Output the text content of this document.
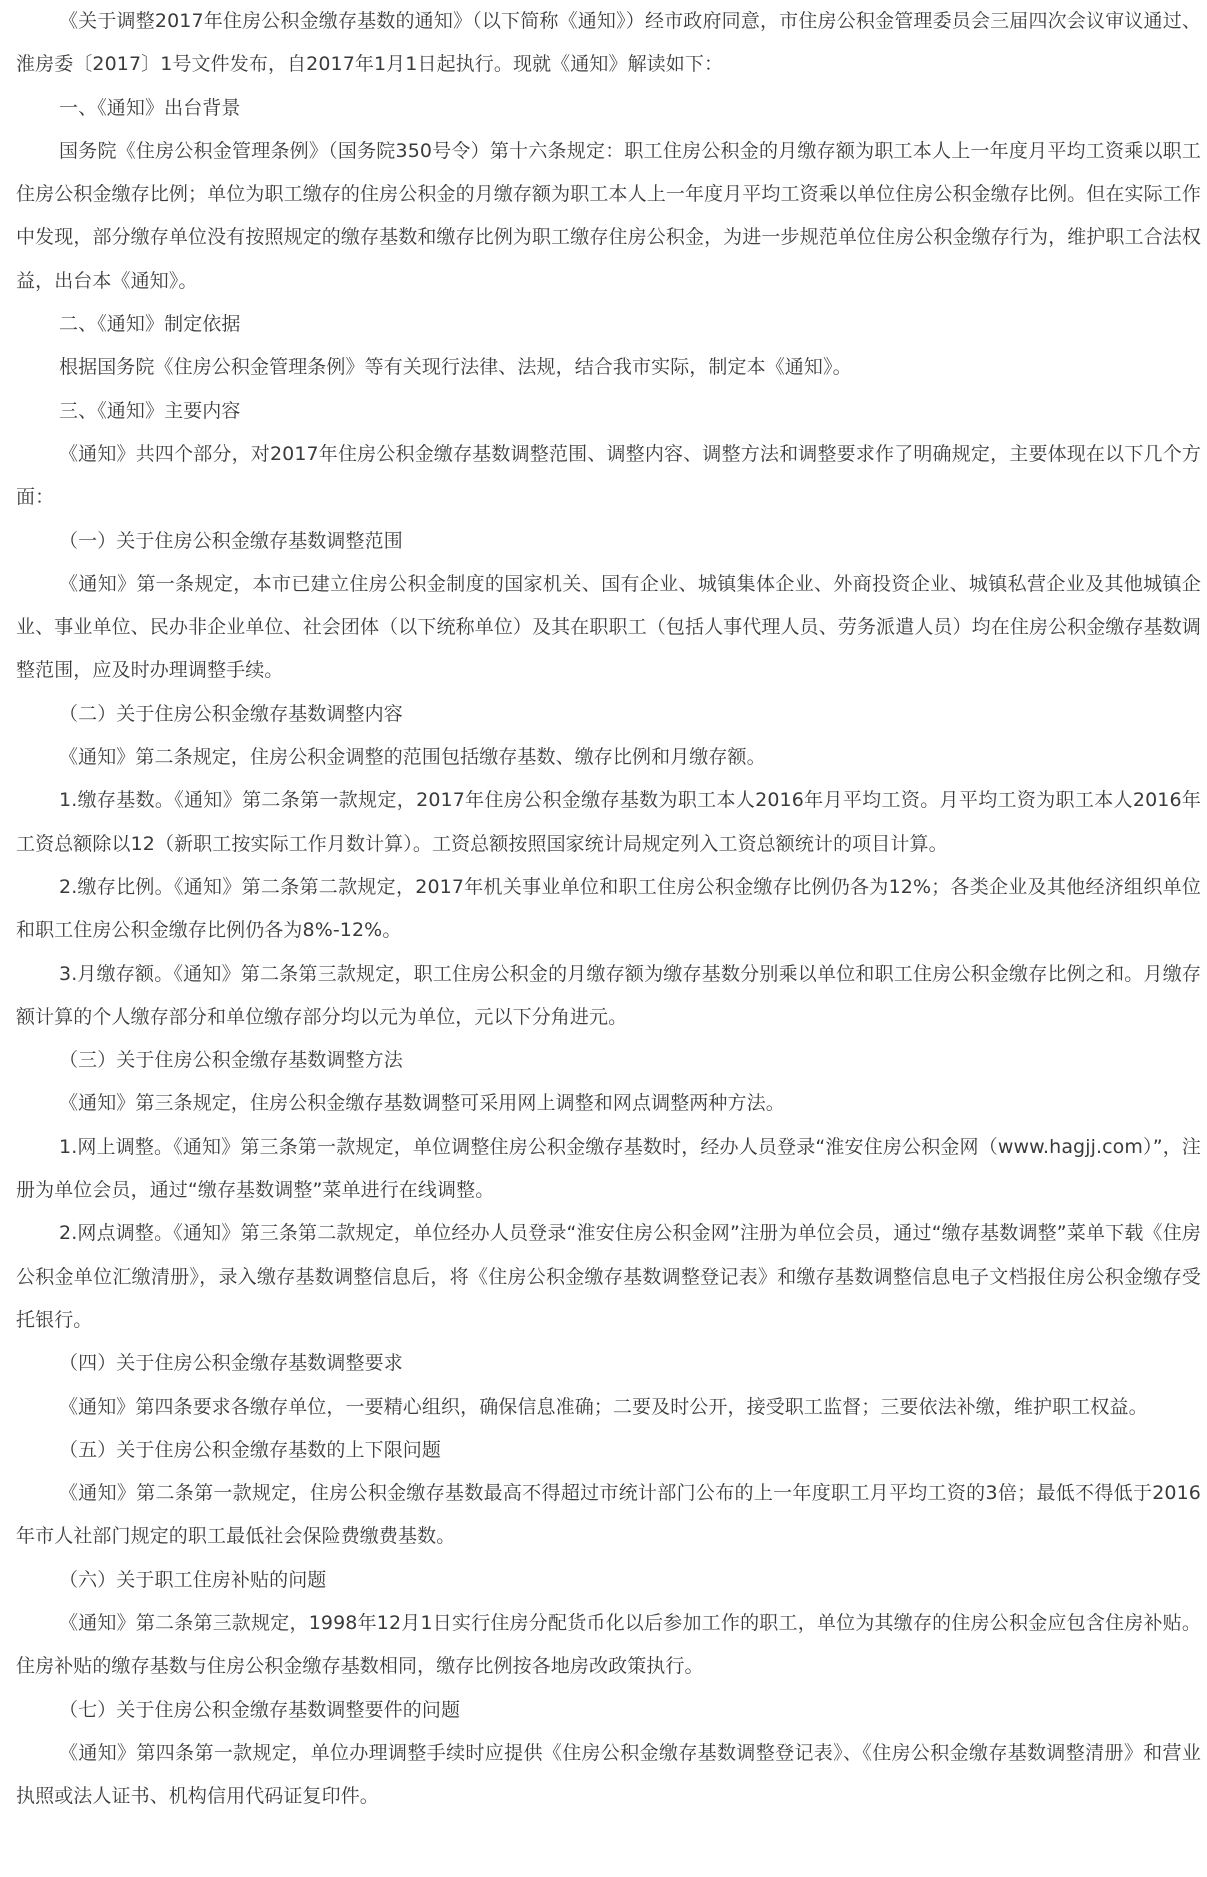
《关于调整2017年住房公积金缴存基数的通知》（以下简称《通知》）经市政府同意，市住房公积金管理委员会三届四次会议审议通过、淮房委〔2017〕1号文件发布，自2017年1月1日起执行。现就《通知》解读如下：

一、《通知》出台背景

国务院《住房公积金管理条例》（国务院350号令）第十六条规定：职工住房公积金的月缴存额为职工本人上一年度月平均工资乘以职工住房公积金缴存比例；单位为职工缴存的住房公积金的月缴存额为职工本人上一年度月平均工资乘以单位住房公积金缴存比例。但在实际工作中发现，部分缴存单位没有按照规定的缴存基数和缴存比例为职工缴存住房公积金，为进一步规范单位住房公积金缴存行为，维护职工合法权益，出台本《通知》。

二、《通知》制定依据

根据国务院《住房公积金管理条例》等有关现行法律、法规，结合我市实际，制定本《通知》。

三、《通知》主要内容

《通知》共四个部分，对2017年住房公积金缴存基数调整范围、调整内容、调整方法和调整要求作了明确规定，主要体现在以下几个方面：

（一）关于住房公积金缴存基数调整范围

《通知》第一条规定，本市已建立住房公积金制度的国家机关、国有企业、城镇集体企业、外商投资企业、城镇私营企业及其他城镇企业、事业单位、民办非企业单位、社会团体（以下统称单位）及其在职职工（包括人事代理人员、劳务派遣人员）均在住房公积金缴存基数调整范围，应及时办理调整手续。

（二）关于住房公积金缴存基数调整内容

《通知》第二条规定，住房公积金调整的范围包括缴存基数、缴存比例和月缴存额。

1.缴存基数。《通知》第二条第一款规定，2017年住房公积金缴存基数为职工本人2016年月平均工资。月平均工资为职工本人2016年工资总额除以12（新职工按实际工作月数计算）。工资总额按照国家统计局规定列入工资总额统计的项目计算。

2.缴存比例。《通知》第二条第二款规定，2017年机关事业单位和职工住房公积金缴存比例仍各为12%；各类企业及其他经济组织单位和职工住房公积金缴存比例仍各为8%-12%。

3.月缴存额。《通知》第二条第三款规定，职工住房公积金的月缴存额为缴存基数分别乘以单位和职工住房公积金缴存比例之和。月缴存额计算的个人缴存部分和单位缴存部分均以元为单位，元以下分角进元。

（三）关于住房公积金缴存基数调整方法

《通知》第三条规定，住房公积金缴存基数调整可采用网上调整和网点调整两种方法。

1.网上调整。《通知》第三条第一款规定，单位调整住房公积金缴存基数时，经办人员登录“淮安住房公积金网（www.hagjj.com）”，注册为单位会员，通过“缴存基数调整”菜单进行在线调整。

2.网点调整。《通知》第三条第二款规定，单位经办人员登录“淮安住房公积金网”注册为单位会员，通过“缴存基数调整”菜单下载《住房公积金单位汇缴清册》，录入缴存基数调整信息后，将《住房公积金缴存基数调整登记表》和缴存基数调整信息电子文档报住房公积金缴存受托银行。

（四）关于住房公积金缴存基数调整要求

《通知》第四条要求各缴存单位，一要精心组织，确保信息准确；二要及时公开，接受职工监督；三要依法补缴，维护职工权益。

（五）关于住房公积金缴存基数的上下限问题

《通知》第二条第一款规定，住房公积金缴存基数最高不得超过市统计部门公布的上一年度职工月平均工资的3倍；最低不得低于2016年市人社部门规定的职工最低社会保险费缴费基数。

（六）关于职工住房补贴的问题

《通知》第二条第三款规定，1998年12月1日实行住房分配货币化以后参加工作的职工，单位为其缴存的住房公积金应包含住房补贴。住房补贴的缴存基数与住房公积金缴存基数相同，缴存比例按各地房改政策执行。

（七）关于住房公积金缴存基数调整要件的问题

《通知》第四条第一款规定，单位办理调整手续时应提供《住房公积金缴存基数调整登记表》、《住房公积金缴存基数调整清册》和营业执照或法人证书、机构信用代码证复印件。
